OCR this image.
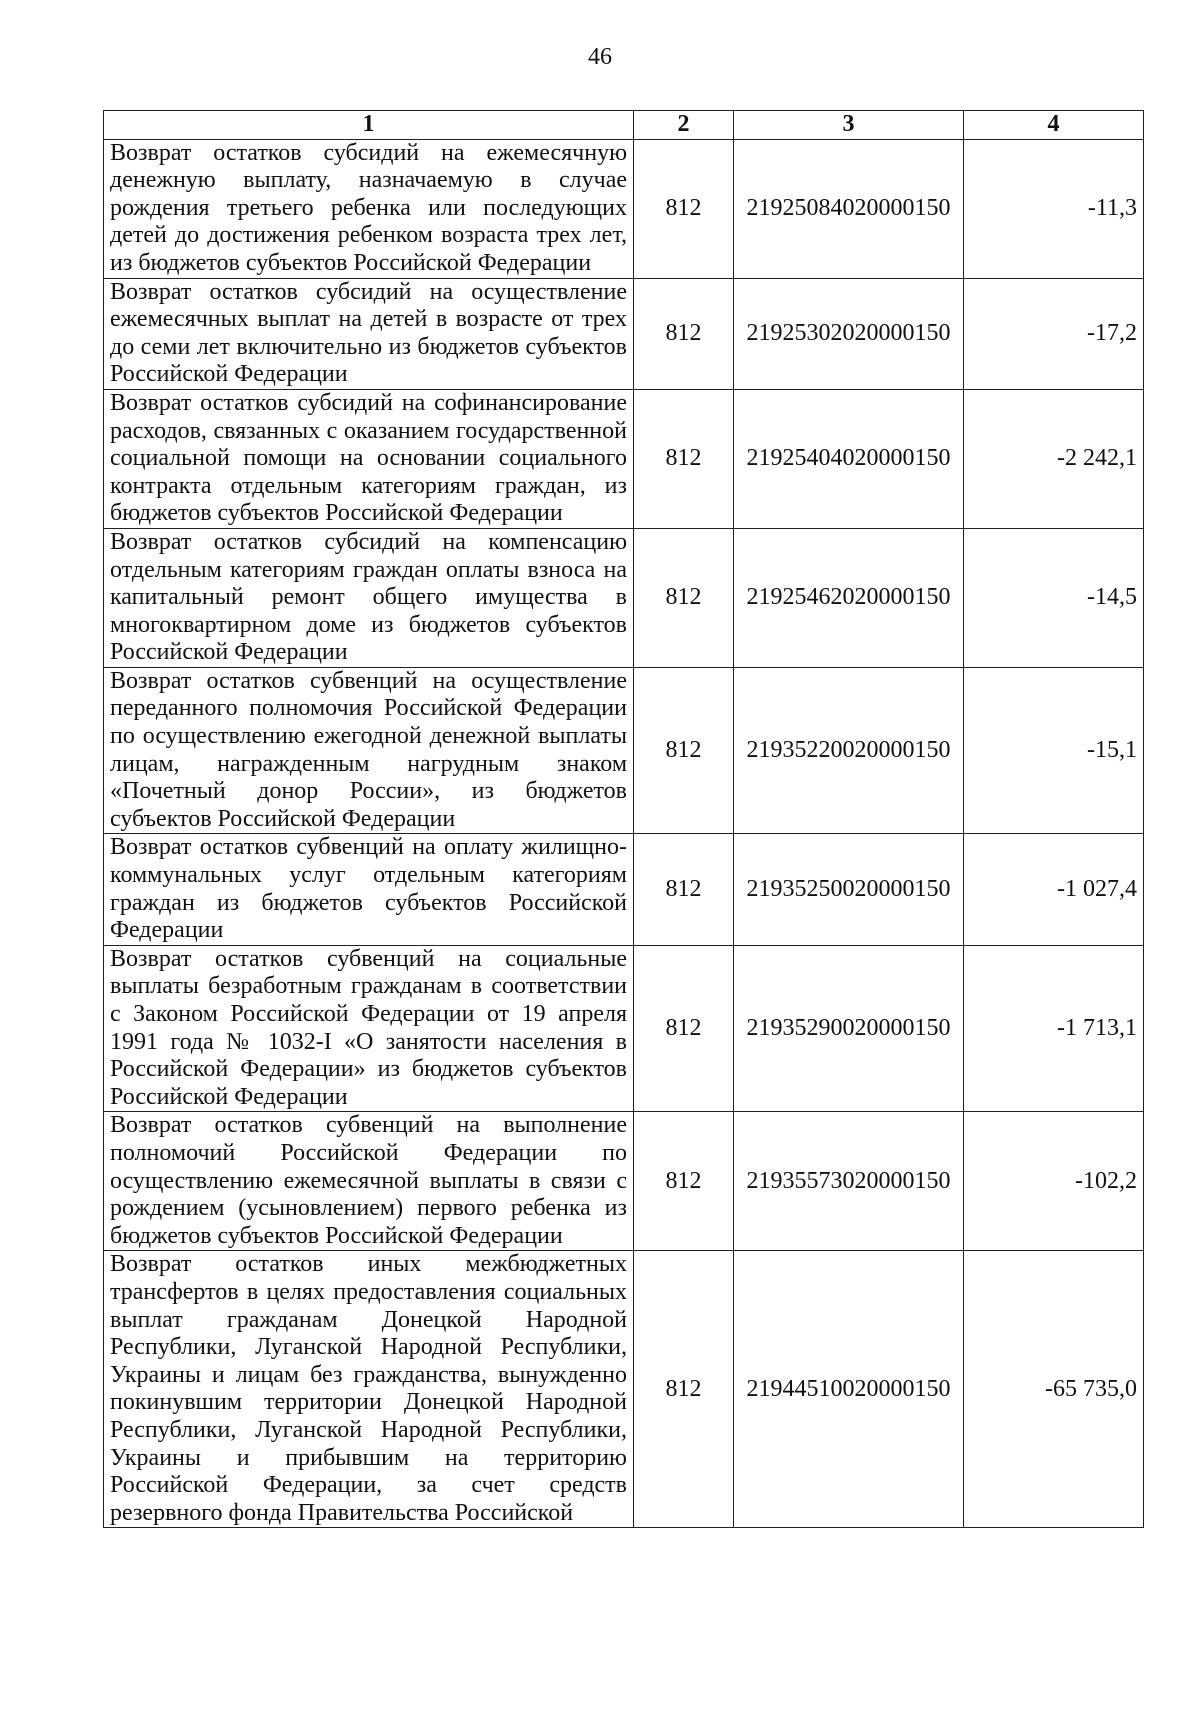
46
1	2	3	4
Возврат остатков субсидий на ежемесячную денежную выплату, назначаемую в случае рождения третьего ребенка или последующих детей до достижения ребенком возраста трех лет, из бюджетов субъектов Российской Федерации	812	21925084020000150	-11,3
Возврат остатков субсидий на осуществление ежемесячных выплат на детей в возрасте от трех до семи лет включительно из бюджетов субъектов Российской Федерации	812	21925302020000150	-17,2
Возврат остатков субсидий на софинансирование расходов, связанных с оказанием государственной социальной помощи на основании социального контракта отдельным категориям граждан, из бюджетов субъектов Российской Федерации	812	21925404020000150	-2 242,1
Возврат остатков субсидий на компенсацию отдельным категориям граждан оплаты взноса на капитальный ремонт общего имущества в многоквартирном доме из бюджетов субъектов Российской Федерации	812	21925462020000150	-14,5
Возврат остатков субвенций на осуществление переданного полномочия Российской Федерации по осуществлению ежегодной денежной выплаты лицам, награжденным нагрудным знаком «Почетный донор России», из бюджетов субъектов Российской Федерации	812	21935220020000150	-15,1
Возврат остатков субвенций на оплату жилищно-коммунальных услуг отдельным категориям граждан из бюджетов субъектов Российской Федерации	812	21935250020000150	-1 027,4
Возврат остатков субвенций на социальные выплаты безработным гражданам в соответствии с Законом Российской Федерации от 19 апреля 1991 года № 1032-I «О занятости населения в Российской Федерации» из бюджетов субъектов Российской Федерации	812	21935290020000150	-1 713,1
Возврат остатков субвенций на выполнение полномочий Российской Федерации по осуществлению ежемесячной выплаты в связи с рождением (усыновлением) первого ребенка из бюджетов субъектов Российской Федерации	812	21935573020000150	-102,2
Возврат остатков иных межбюджетных трансфертов в целях предоставления социальных выплат гражданам Донецкой Народной Республики, Луганской Народной Республики, Украины и лицам без гражданства, вынужденно покинувшим территории Донецкой Народной Республики, Луганской Народной Республики, Украины и прибывшим на территорию Российской Федерации, за счет средств резервного фонда Правительства Российской	812	21944510020000150	-65 735,0
